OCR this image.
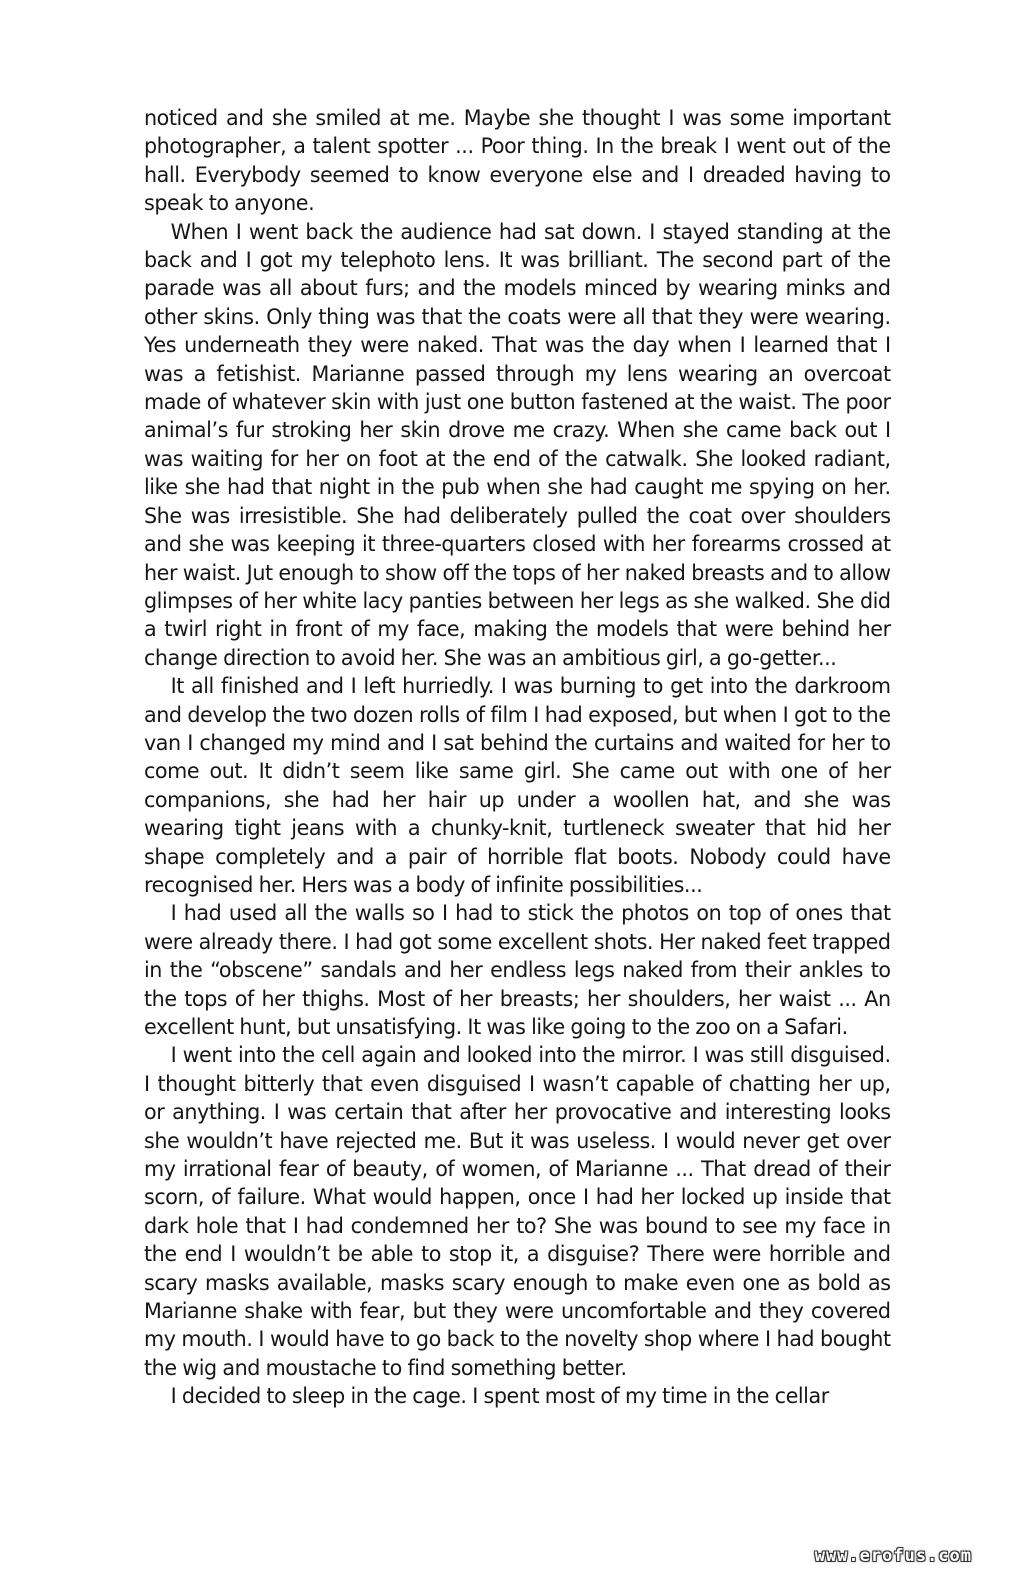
noticed and she smiled at me. Maybe she thought I was some important photographer, a talent spotter ... Poor thing. In the break I went out of the hall. Everybody seemed to know everyone else and I dreaded having to speak to anyone.

When I went back the audience had sat down. I stayed standing at the back and I got my telephoto lens. It was brilliant. The second part of the parade was all about furs; and the models minced by wearing minks and other skins. Only thing was that the coats were all that they were wearing. Yes underneath they were naked. That was the day when I learned that I was a fetishist. Marianne passed through my lens wearing an overcoat made of whatever skin with just one button fastened at the waist. The poor animal’s fur stroking her skin drove me crazy. When she came back out I was waiting for her on foot at the end of the catwalk. She looked radiant, like she had that night in the pub when she had caught me spying on her. She was irresistible. She had deliberately pulled the coat over shoulders and she was keeping it three-quarters closed with her forearms crossed at her waist. Jut enough to show off the tops of her naked breasts and to allow glimpses of her white lacy panties between her legs as she walked. She did a twirl right in front of my face, making the models that were behind her change direction to avoid her. She was an ambitious girl, a go-getter...

It all finished and I left hurriedly. I was burning to get into the darkroom and develop the two dozen rolls of film I had exposed, but when I got to the van I changed my mind and I sat behind the curtains and waited for her to come out. It didn’t seem like same girl. She came out with one of her companions, she had her hair up under a woollen hat, and she was wearing tight jeans with a chunky-knit, turtleneck sweater that hid her shape completely and a pair of horrible flat boots. Nobody could have recognised her. Hers was a body of infinite possibilities...

I had used all the walls so I had to stick the photos on top of ones that were already there. I had got some excellent shots. Her naked feet trapped in the “obscene” sandals and her endless legs naked from their ankles to the tops of her thighs. Most of her breasts; her shoulders, her waist ... An excellent hunt, but unsatisfying. It was like going to the zoo on a Safari.

I went into the cell again and looked into the mirror. I was still disguised. I thought bitterly that even disguised I wasn’t capable of chatting her up, or anything. I was certain that after her provocative and interesting looks she wouldn’t have rejected me. But it was useless. I would never get over my irrational fear of beauty, of women, of Marianne ... That dread of their scorn, of failure. What would happen, once I had her locked up inside that dark hole that I had condemned her to? She was bound to see my face in the end I wouldn’t be able to stop it, a disguise? There were horrible and scary masks available, masks scary enough to make even one as bold as Marianne shake with fear, but they were uncomfortable and they covered my mouth. I would have to go back to the novelty shop where I had bought the wig and moustache to find something better.

I decided to sleep in the cage. I spent most of my time in the cellar

www.erofus.com
